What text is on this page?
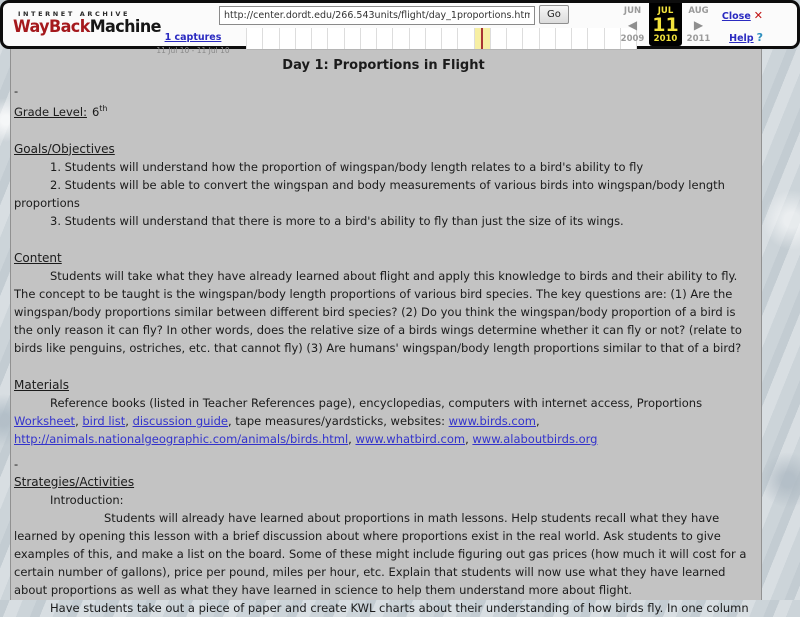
INTERNET ARCHIVE
WayBackMachine
1 captures
11 Jul 10 - 11 Jul 10
http://center.dordt.edu/266.543units/flight/day_1proportions.htm
Go	JUN
◀
2009
JUL
11
2010
AUG
▶
2011
Close ✕
Help ?
Day 1: Proportions in Flight

-

Grade Level: 6th

Goals/Objectives

1. Students will understand how the proportion of wingspan/body length relates to a bird's ability to fly

2. Students will be able to convert the wingspan and body measurements of various birds into wingspan/body length proportions

3. Students will understand that there is more to a bird's ability to fly than just the size of its wings.

Content

Students will take what they have already learned about flight and apply this knowledge to birds and their ability to fly. The concept to be taught is the wingspan/body length proportions of various bird species. The key questions are: (1) Are the wingspan/body proportions similar between different bird species? (2) Do you think the wingspan/body proportion of a bird is the only reason it can fly? In other words, does the relative size of a birds wings determine whether it can fly or not? (relate to birds like penguins, ostriches, etc. that cannot fly) (3) Are humans' wingspan/body length proportions similar to that of a bird?

Materials

Reference books (listed in Teacher References page), encyclopedias, computers with internet access, Proportions Worksheet, bird list, discussion guide, tape measures/yardsticks, websites: www.birds.com, http://animals.nationalgeographic.com/animals/birds.html, www.whatbird.com, www.alaboutbirds.org

-

Strategies/Activities

Introduction:

Students will already have learned about proportions in math lessons. Help students recall what they have learned by opening this lesson with a brief discussion about where proportions exist in the real world. Ask students to give examples of this, and make a list on the board. Some of these might include figuring out gas prices (how much it will cost for a certain number of gallons), price per pound, miles per hour, etc. Explain that students will now use what they have learned about proportions as well as what they have learned in science to help them understand more about flight.

Have students take out a piece of paper and create KWL charts about their understanding of how birds fly. In one column
